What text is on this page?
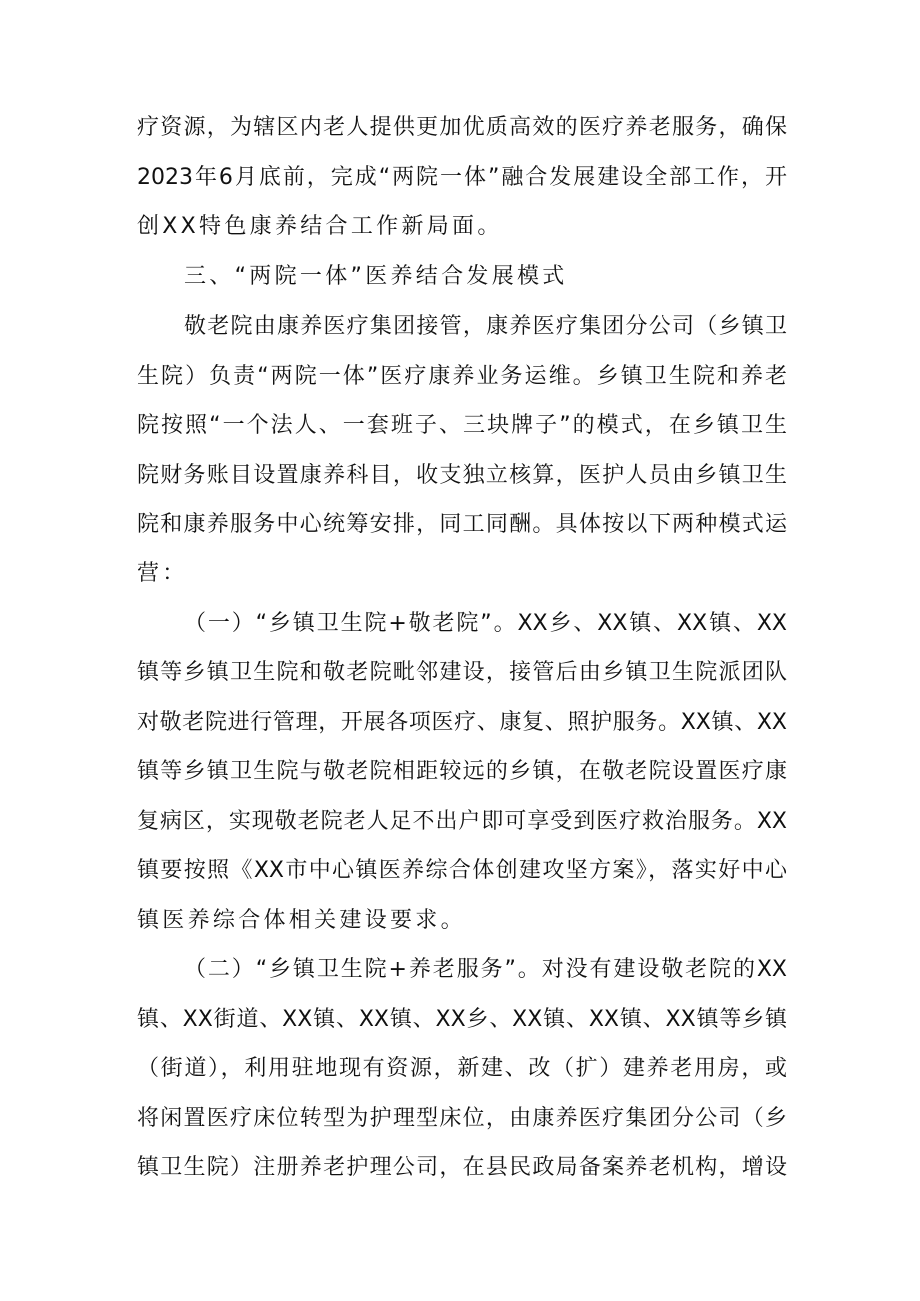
疗资源，为辖区内老人提供更加优质高效的医疗养老服务，确保
2023年6月底前，完成“两院一体”融合发展建设全部工作，开
创XX特色康养结合工作新局面。
三、“两院一体”医养结合发展模式
敬老院由康养医疗集团接管，康养医疗集团分公司（乡镇卫
生院）负责“两院一体”医疗康养业务运维。乡镇卫生院和养老
院按照“一个法人、一套班子、三块牌子”的模式，在乡镇卫生
院财务账目设置康养科目，收支独立核算，医护人员由乡镇卫生
院和康养服务中心统筹安排，同工同酬。具体按以下两种模式运
营：
（一）“乡镇卫生院+敬老院”。XX乡、XX镇、XX镇、XX
镇等乡镇卫生院和敬老院毗邻建设，接管后由乡镇卫生院派团队
对敬老院进行管理，开展各项医疗、康复、照护服务。XX镇、XX
镇等乡镇卫生院与敬老院相距较远的乡镇，在敬老院设置医疗康
复病区，实现敬老院老人足不出户即可享受到医疗救治服务。XX
镇要按照《XX市中心镇医养综合体创建攻坚方案》，落实好中心
镇医养综合体相关建设要求。
（二）“乡镇卫生院+养老服务”。对没有建设敬老院的XX
镇、XX街道、XX镇、XX镇、XX乡、XX镇、XX镇、XX镇等乡镇
（街道），利用驻地现有资源，新建、改（扩）建养老用房，或
将闲置医疗床位转型为护理型床位，由康养医疗集团分公司（乡
镇卫生院）注册养老护理公司，在县民政局备案养老机构，增设
